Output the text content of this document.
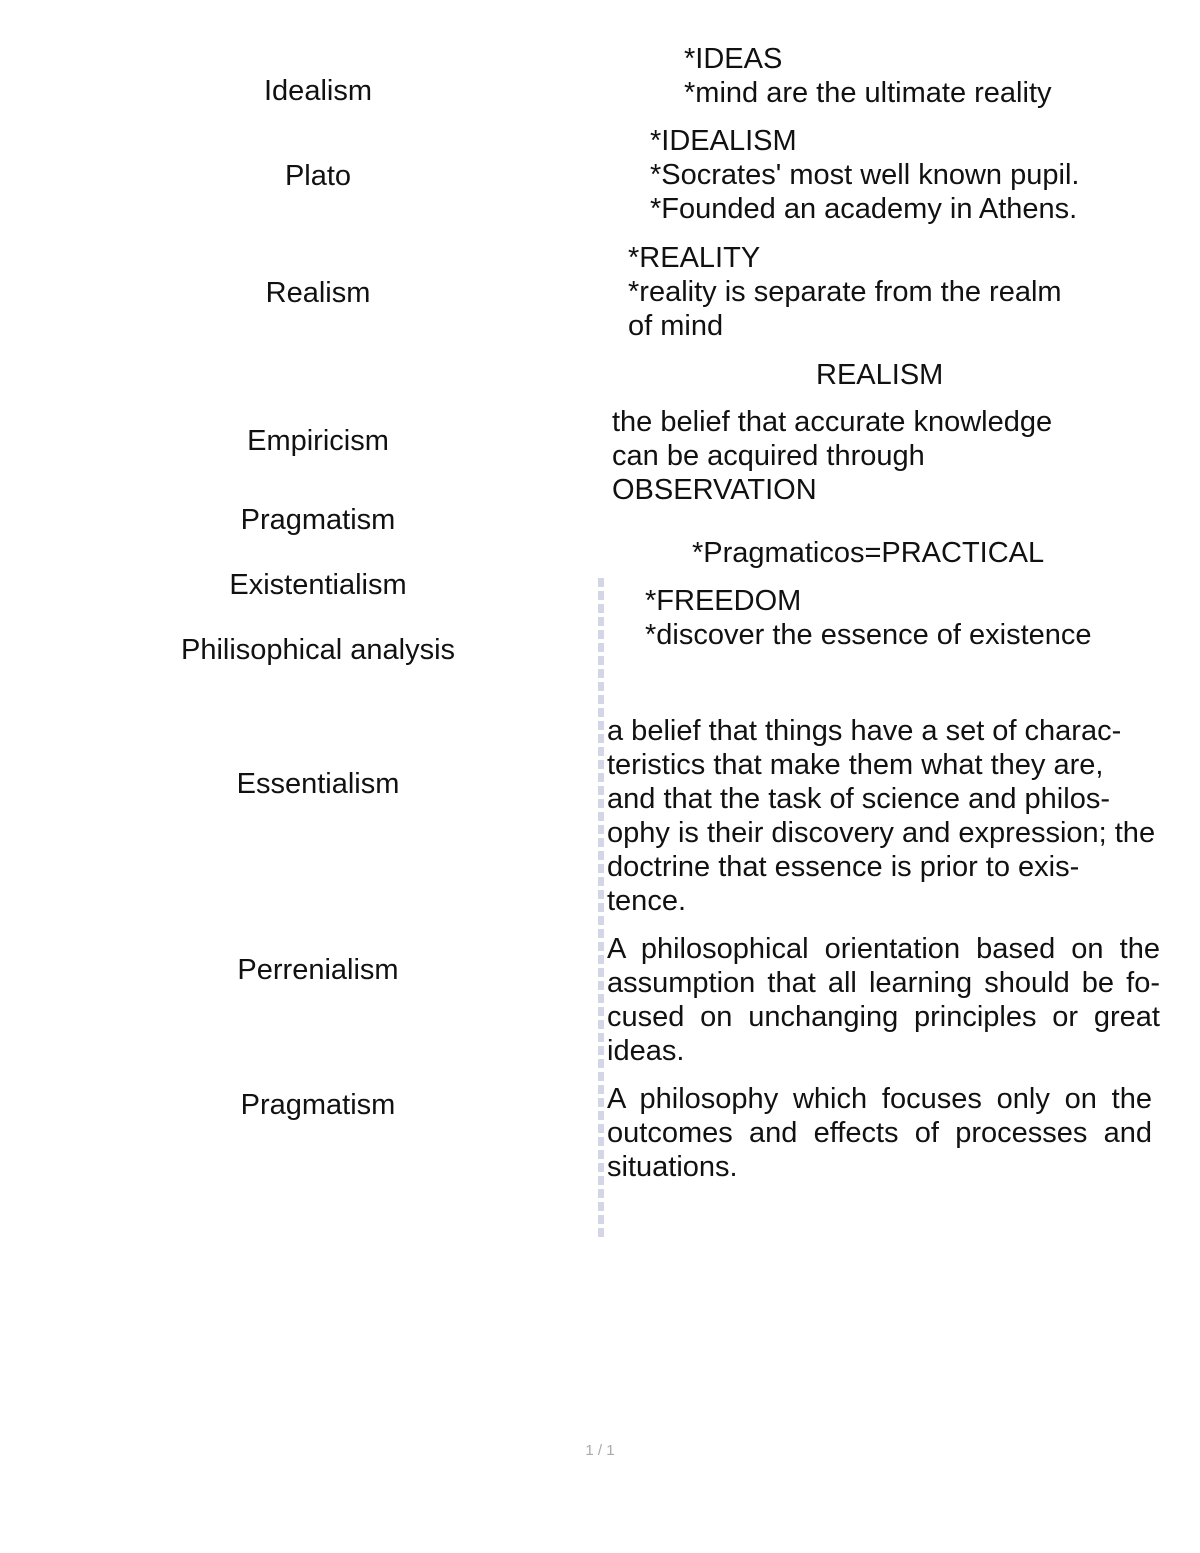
Idealism
Plato
Realism
Empiricism
Pragmatism
Existentialism
Philisophical analysis
Essentialism
Perrenialism
Pragmatism
*IDEAS
*mind are the ultimate reality
*IDEALISM
*Socrates' most well known pupil.
*Founded an academy in Athens.
*REALITY
*reality is separate from the realm
of mind
REALISM
the belief that accurate knowledge
can be acquired through
OBSERVATION
*Pragmaticos=PRACTICAL
*FREEDOM
*discover the essence of existence
a belief that things have a set of charac- teristics that make them what they are, and that the task of science and philos- ophy is their discovery and expression; the doctrine that essence is prior to exis- tence.
A philosophical orientation based on the assumption that all learning should be fo- cused on unchanging principles or great ideas.
A philosophy which focuses only on the outcomes and effects of processes and situations.
1 / 1
